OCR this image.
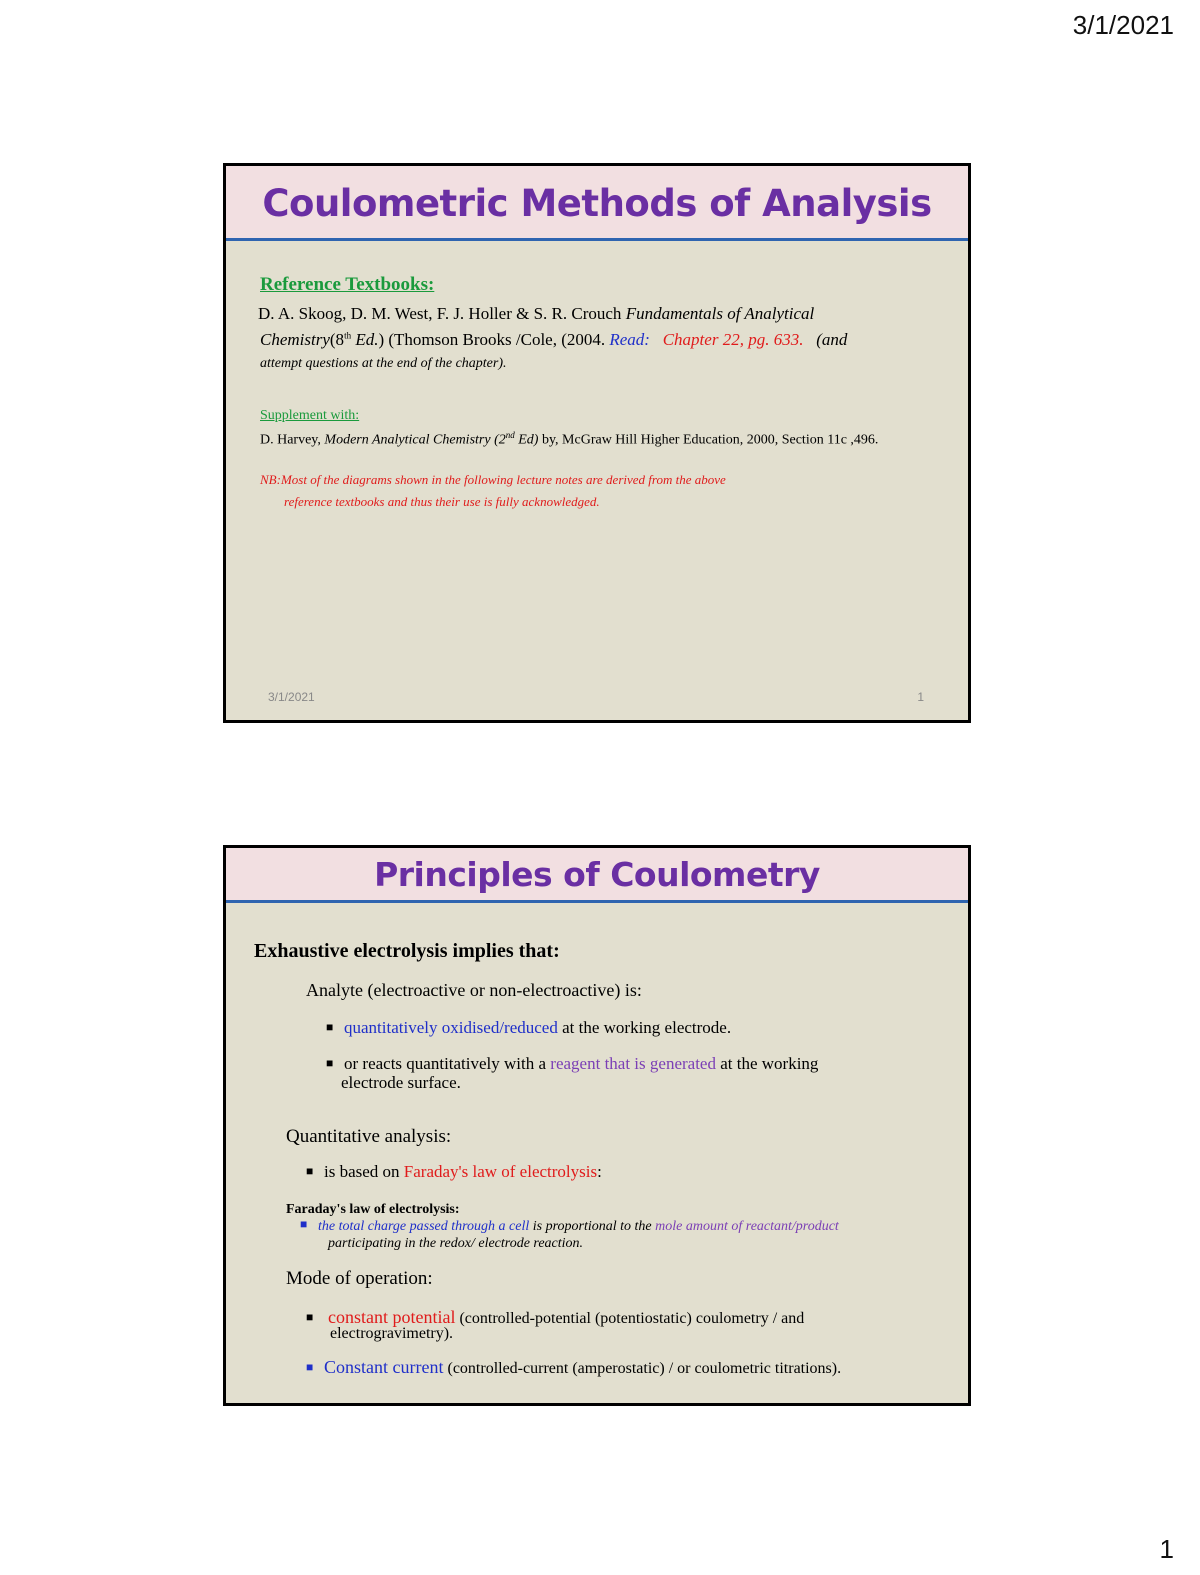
3/1/2021
Coulometric Methods of Analysis
Reference Textbooks:
D. A. Skoog, D. M. West, F. J. Holler & S. R. Crouch Fundamentals of Analytical
Chemistry(8th Ed.) (Thomson Brooks /Cole, (2004. Read: Chapter 22, pg. 633. (and
attempt questions at the end of the chapter).
Supplement with:
D. Harvey, Modern Analytical Chemistry (2nd Ed) by, McGraw Hill Higher Education, 2000, Section 11c ,496.
NB:Most of the diagrams shown in the following lecture notes are derived from the above
reference textbooks and thus their use is fully acknowledged.
3/1/2021	1
Principles of Coulometry
Exhaustive electrolysis implies that:
Analyte (electroactive or non-electroactive) is:
■ quantitatively oxidised/reduced at the working electrode.
■ or reacts quantitatively with a reagent that is generated at the working
electrode surface.
Quantitative analysis:
■ is based on Faraday's law of electrolysis:
Faraday's law of electrolysis:
■ the total charge passed through a cell is proportional to the mole amount of reactant/product
participating in the redox/ electrode reaction.
Mode of operation:
■ constant potential (controlled-potential (potentiostatic) coulometry / and
electrogravimetry).
■ Constant current (controlled-current (amperostatic) / or coulometric titrations).
1
